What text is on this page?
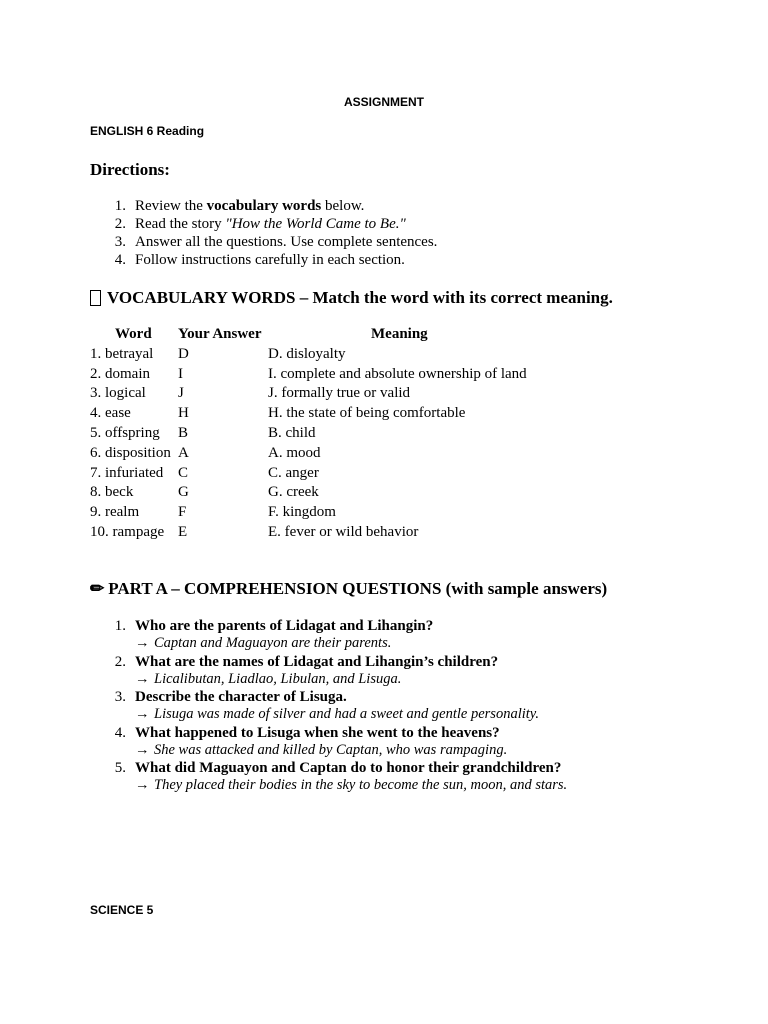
ASSIGNMENT
ENGLISH 6 Reading
Directions:
1. Review the vocabulary words below.
2. Read the story "How the World Came to Be."
3. Answer all the questions. Use complete sentences.
4. Follow instructions carefully in each section.
VOCABULARY WORDS – Match the word with its correct meaning.
Word	Your Answer	Meaning
1. betrayal	D	D. disloyalty
2. domain	I	I. complete and absolute ownership of land
3. logical	J	J. formally true or valid
4. ease	H	H. the state of being comfortable
5. offspring	B	B. child
6. disposition A	A. mood
7. infuriated C	C. anger
8. beck	G	G. creek
9. realm	F	F. kingdom
10. rampage E	E. fever or wild behavior
✏ PART A – COMPREHENSION QUESTIONS (with sample answers)
1. Who are the parents of Lidagat and Lihangin?
→ Captan and Maguayon are their parents.
2. What are the names of Lidagat and Lihangin’s children?
→ Licalibutan, Liadlao, Libulan, and Lisuga.
3. Describe the character of Lisuga.
→ Lisuga was made of silver and had a sweet and gentle personality.
4. What happened to Lisuga when she went to the heavens?
→ She was attacked and killed by Captan, who was rampaging.
5. What did Maguayon and Captan do to honor their grandchildren?
→ They placed their bodies in the sky to become the sun, moon, and stars.
SCIENCE 5
